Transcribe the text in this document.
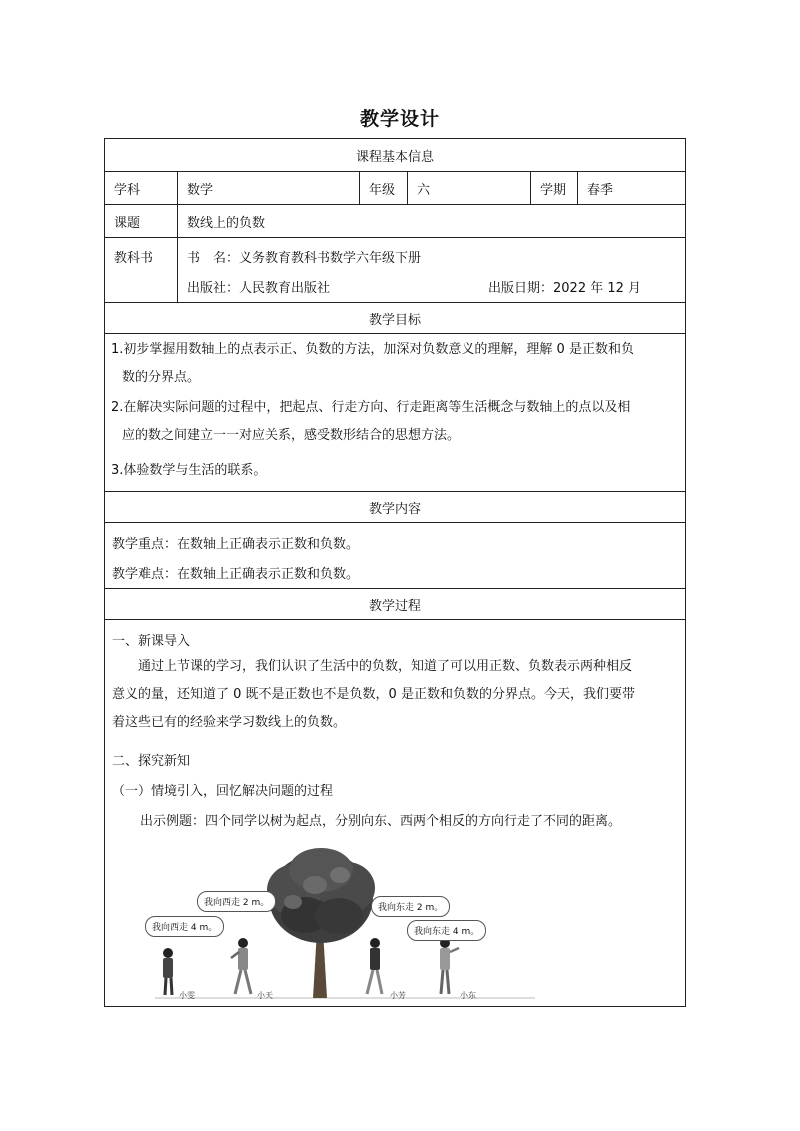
教学设计
课程基本信息
学科	数学	年级	六	学期	春季
课题	数线上的负数
教科书	书　名：义务教育教科书数学六年级下册
出版社：人民教育出版社	出版日期：2022 年 12 月
教学目标
1.初步掌握用数轴上的点表示正、负数的方法，加深对负数意义的理解，理解 0 是正数和负
数的分界点。
2.在解决实际问题的过程中，把起点、行走方向、行走距离等生活概念与数轴上的点以及相
应的数之间建立一一对应关系，感受数形结合的思想方法。
3.体验数学与生活的联系。
教学内容
教学重点：在数轴上正确表示正数和负数。
教学难点：在数轴上正确表示正数和负数。
教学过程
一、新课导入
通过上节课的学习，我们认识了生活中的负数，知道了可以用正数、负数表示两种相反
意义的量，还知道了 0 既不是正数也不是负数，0 是正数和负数的分界点。今天，我们要带
着这些已有的经验来学习数线上的负数。
二、探究新知
（一）情境引入，回忆解决问题的过程
出示例题：四个同学以树为起点，分别向东、西两个相反的方向行走了不同的距离。
我向西走 4 m。
我向西走 2 m。	我向东走 2 m。
我向东走 4 m。
小雯	小天	小芳	小东
